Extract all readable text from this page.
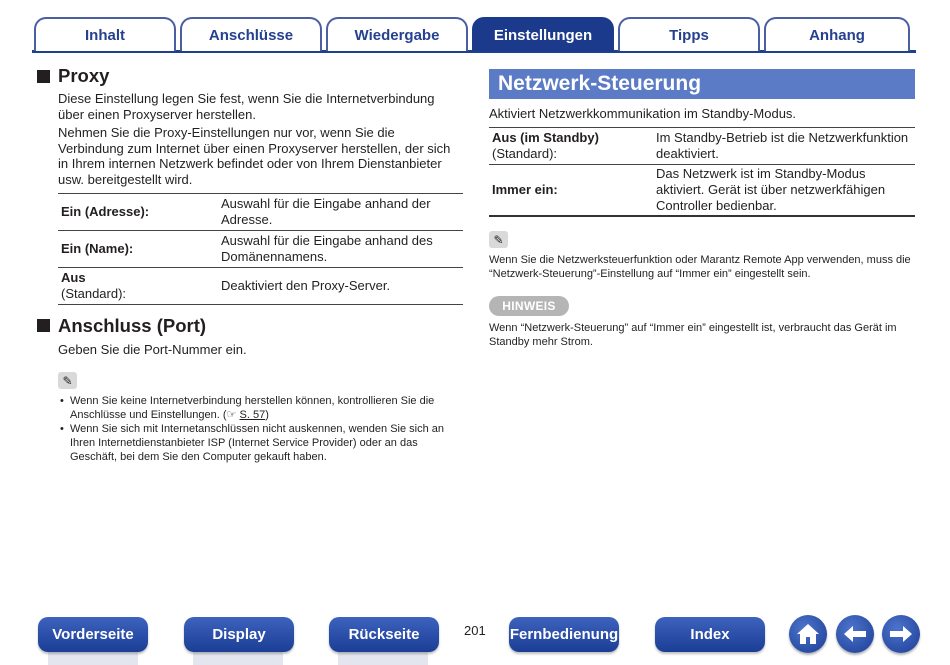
Inhalt	Anschlüsse	Wiedergabe	Einstellungen	Tipps	Anhang
Proxy

Diese Einstellung legen Sie fest, wenn Sie die Internetverbindung über einen Proxyserver herstellen.

Nehmen Sie die Proxy-Einstellungen nur vor, wenn Sie die Verbindung zum Internet über einen Proxyserver herstellen, der sich in Ihrem internen Netzwerk befindet oder von Ihrem Dienstanbieter usw. bereitgestellt wird.

Ein (Adresse):	Auswahl für die Eingabe anhand der Adresse.
Ein (Name):	Auswahl für die Eingabe anhand des Domänennamens.

Aus
(Standard):	Deaktiviert den Proxy-Server.
Anschluss (Port)

Geben Sie die Port-Nummer ein.

✎
• Wenn Sie keine Internetverbindung herstellen können, kontrollieren Sie die Anschlüsse und Einstellungen. (☞ S. 57)
• Wenn Sie sich mit Internetanschlüssen nicht auskennen, wenden Sie sich an Ihren Internetdienstanbieter ISP (Internet Service Provider) oder an das Geschäft, bei dem Sie den Computer gekauft haben.
Netzwerk-Steuerung

Aktiviert Netzwerkkommunikation im Standby-Modus.

Aus (im Standby)
(Standard):	Im Standby-Betrieb ist die Netzwerkfunktion deaktiviert.
Immer ein:	Das Netzwerk ist im Standby-Modus aktiviert. Gerät ist über netzwerkfähigen Controller bedienbar.
✎

Wenn Sie die Netzwerksteuerfunktion oder Marantz Remote App verwenden, muss die “Netzwerk-Steuerung”-Einstellung auf “Immer ein” eingestellt sein.

HINWEIS

Wenn “Netzwerk-Steuerung” auf “Immer ein” eingestellt ist, verbraucht das Gerät im Standby mehr Strom.

Vorderseite	Display	Rückseite	201 Fernbedienung	Index
